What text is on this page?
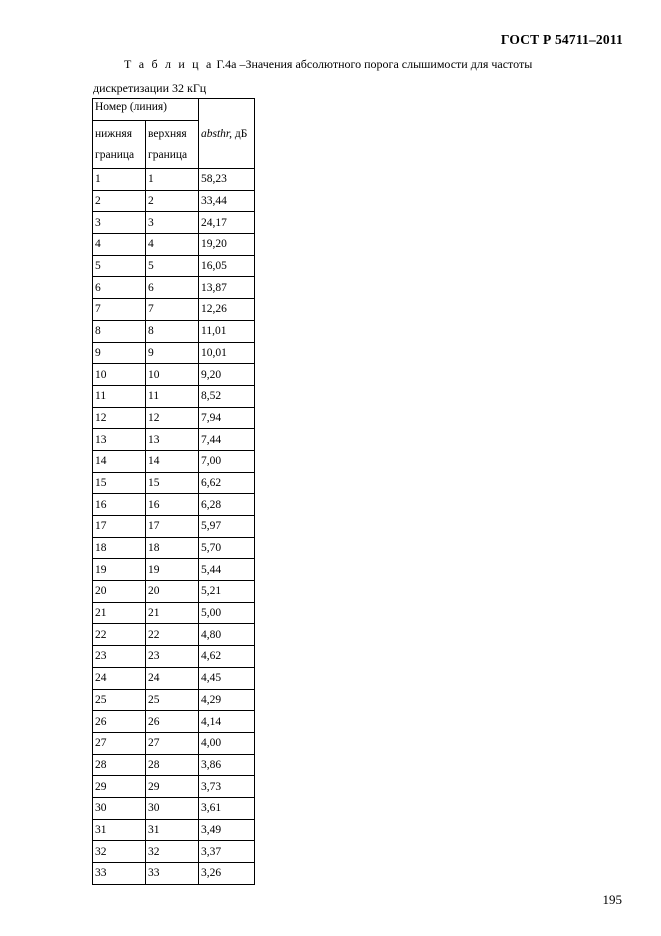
ГОСТ Р 54711–2011
Т а б л и ц а Г.4а –Значения абсолютного порога слышимости для частоты
дискретизации 32 кГц
Номер (линия)		absthr, дБ
нижняя граница	верхняя граница	
1	1	58,23
2	2	33,44
3	3	24,17
4	4	19,20
5	5	16,05
6	6	13,87
7	7	12,26
8	8	11,01
9	9	10,01
10	10	9,20
11	11	8,52
12	12	7,94
13	13	7,44
14	14	7,00
15	15	6,62
16	16	6,28
17	17	5,97
18	18	5,70
19	19	5,44
20	20	5,21
21	21	5,00
22	22	4,80
23	23	4,62
24	24	4,45
25	25	4,29
26	26	4,14
27	27	4,00
28	28	3,86
29	29	3,73
30	30	3,61
31	31	3,49
32	32	3,37
33	33	3,26
195
